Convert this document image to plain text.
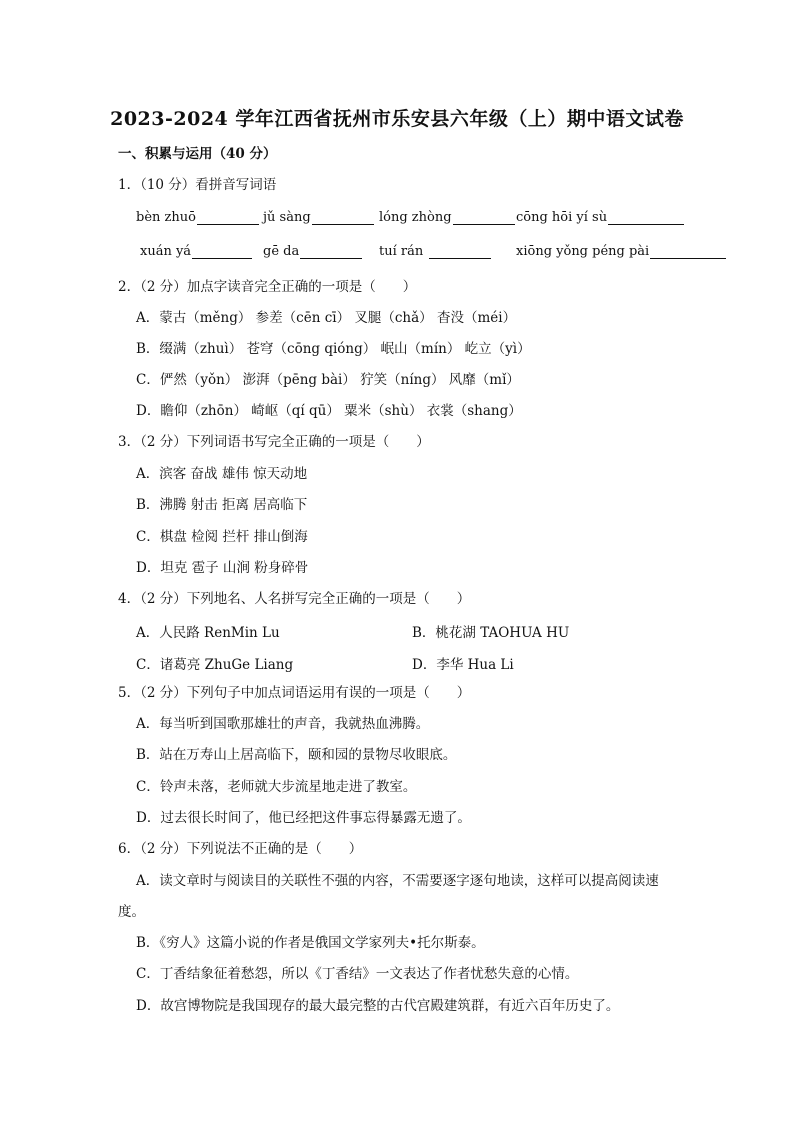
2023-2024 学年江西省抚州市乐安县六年级（上）期中语文试卷
一、积累与运用（40 分）
1．（10 分）看拼音写词语
bèn zhuō	jǔ sàng	lóng zhòng	cōng hōi yí sù
xuán yá	gē da	tuí rán	xiōng yǒng péng pài
2．（2 分）加点字读音完全正确的一项是（　　）
A．蒙古（měng） 参差（cēn cī） 叉腿（chǎ） 杳没（méi）
B．缀满（zhuì） 苍穹（cōng qióng） 岷山（mín） 屹立（yì）
C．俨然（yǒn） 澎湃（pēng bài） 狞笑（níng） 风靡（mǐ）
D．瞻仰（zhōn） 崎岖（qí qū） 粟米（shù） 衣裳（shang）
3．（2 分）下列词语书写完全正确的一项是（　　）
A．滨客 奋战 雄伟 惊天动地
B．沸腾 射击 拒离 居高临下
C．棋盘 检阅 拦杆 排山倒海
D．坦克 雹子 山涧 粉身碎骨
4．（2 分）下列地名、人名拼写完全正确的一项是（　　）
A．人民路 RenMin Lu	B．桃花湖 TAOHUA HU
C．诸葛亮 ZhuGe Liang	D．李华 Hua Li
5．（2 分）下列句子中加点词语运用有误的一项是（　　）
A．每当听到国歌那雄壮的声音，我就热血沸腾。
B．站在万寿山上居高临下，颐和园的景物尽收眼底。
C．铃声未落，老师就大步流星地走进了教室。
D．过去很长时间了，他已经把这件事忘得暴露无遗了。
6．（2 分）下列说法不正确的是（　　）
A．读文章时与阅读目的关联性不强的内容，不需要逐字逐句地读，这样可以提高阅读速
度。
B．《穷人》这篇小说的作者是俄国文学家列夫•托尔斯泰。
C．丁香结象征着愁怨，所以《丁香结》一文表达了作者忧愁失意的心情。
D．故宫博物院是我国现存的最大最完整的古代宫殿建筑群，有近六百年历史了。
